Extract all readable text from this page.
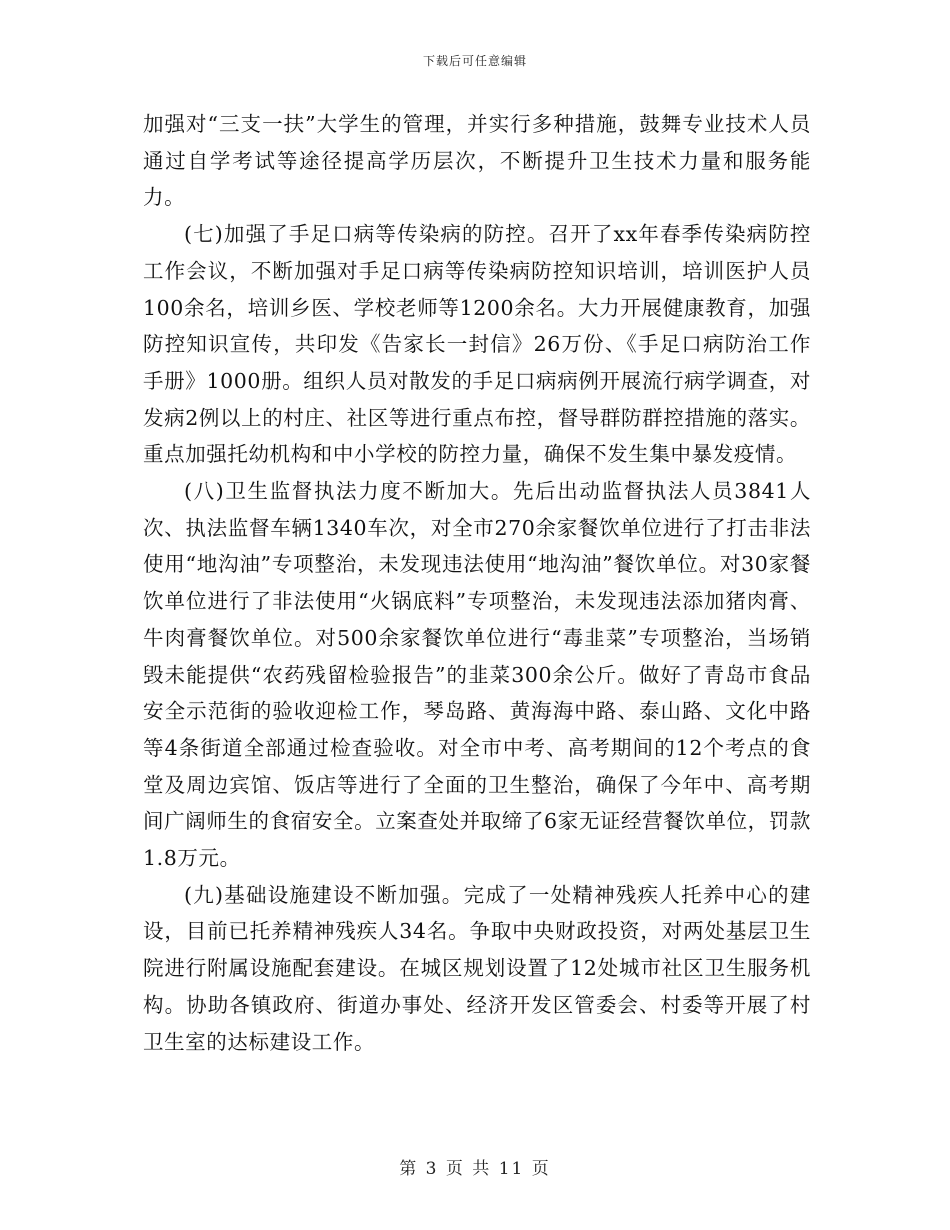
下载后可任意编辑

加强对“三支一扶”大学生的管理，并实行多种措施，鼓舞专业技术人员通过自学考试等途径提高学历层次，不断提升卫生技术力量和服务能力。

(七)加强了手足口病等传染病的防控。召开了xx年春季传染病防控工作会议，不断加强对手足口病等传染病防控知识培训，培训医护人员100余名，培训乡医、学校老师等1200余名。大力开展健康教育，加强防控知识宣传，共印发《告家长一封信》26万份、《手足口病防治工作手册》1000册。组织人员对散发的手足口病病例开展流行病学调查，对发病2例以上的村庄、社区等进行重点布控，督导群防群控措施的落实。重点加强托幼机构和中小学校的防控力量，确保不发生集中暴发疫情。

(八)卫生监督执法力度不断加大。先后出动监督执法人员3841人次、执法监督车辆1340车次，对全市270余家餐饮单位进行了打击非法使用“地沟油”专项整治，未发现违法使用“地沟油”餐饮单位。对30家餐饮单位进行了非法使用“火锅底料”专项整治，未发现违法添加猪肉膏、牛肉膏餐饮单位。对500余家餐饮单位进行“毒韭菜”专项整治，当场销毁未能提供“农药残留检验报告”的韭菜300余公斤。做好了青岛市食品安全示范街的验收迎检工作，琴岛路、黄海海中路、泰山路、文化中路等4条街道全部通过检查验收。对全市中考、高考期间的12个考点的食堂及周边宾馆、饭店等进行了全面的卫生整治，确保了今年中、高考期间广阔师生的食宿安全。立案查处并取缔了6家无证经营餐饮单位，罚款1.8万元。

(九)基础设施建设不断加强。完成了一处精神残疾人托养中心的建设，目前已托养精神残疾人34名。争取中央财政投资，对两处基层卫生院进行附属设施配套建设。在城区规划设置了12处城市社区卫生服务机构。协助各镇政府、街道办事处、经济开发区管委会、村委等开展了村卫生室的达标建设工作。

第 3 页 共 11 页
